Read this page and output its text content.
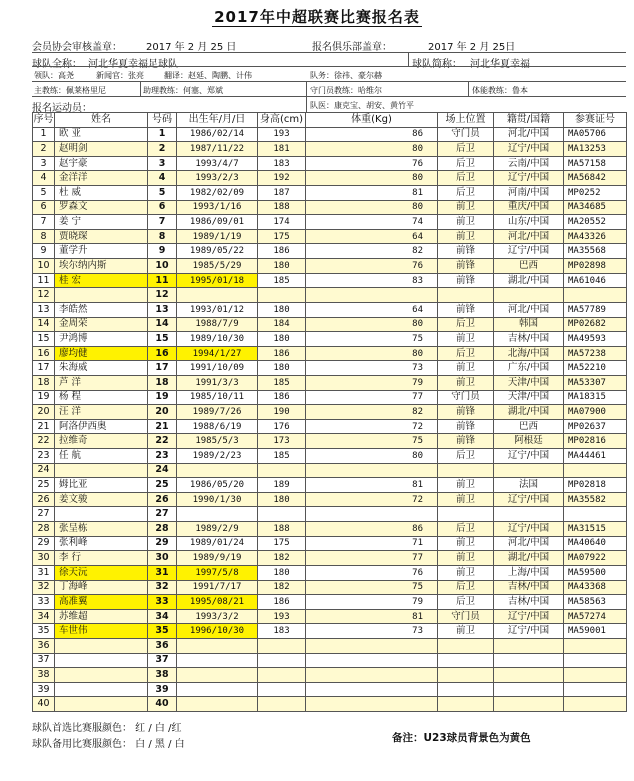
2017年中超联赛比赛报名表
会员协会审核盖章： 2017 年 2 月 25 日	报名俱乐部盖章：	2017 年 2 月 25日
球队全称： 河北华夏幸福足球队	球队简称： 河北华夏幸福
领队：高尧	新闻官：张亮	翻译：赵延、陶鹏、计伟	队务：徐祎、豪尔赫
主教练：佩莱格里尼	助理教练：何塞、郑斌	守门员教练：哈维尔	体能教练：鲁本
报名运动员：	队医：康克宝、胡安、黄竹平
序号	姓名	号码	出生年/月/日	身高(cm)	体重(Kg)	场上位置	籍贯/国籍	参赛证号
1	欧 亚	1	1986/02/14	193	86	守门员	河北/中国	MA05706
2	赵明剑	2	1987/11/22	181	80	后卫	辽宁/中国	MA13253
3	赵宇豪	3	1993/4/7	183	76	后卫	云南/中国	MA57158
4	金洋洋	4	1993/2/3	192	80	后卫	辽宁/中国	MA56842
5	杜 威	5	1982/02/09	187	81	后卫	河南/中国	MP0252
6	罗森文	6	1993/1/16	188	80	前卫	重庆/中国	MA34685
7	姜 宁	7	1986/09/01	174	74	前卫	山东/中国	MA20552
8	贾晓琛	8	1989/1/19	175	64	前卫	河北/中国	MA43326
9	董学升	9	1989/05/22	186	82	前锋	辽宁/中国	MA35568
10	埃尔纳内斯	10	1985/5/29	180	76	前锋	巴西	MP02898
11	桂 宏	11	1995/01/18	185	83	前锋	湖北/中国	MA61046
12		12						
13	李皓然	13	1993/01/12	180	64	前锋	河北/中国	MA57789
14	金周荣	14	1988/7/9	184	80	后卫	韩国	MP02682
15	尹鸿博	15	1989/10/30	180	75	前卫	吉林/中国	MA49593
16	廖均健	16	1994/1/27	186	80	后卫	北海/中国	MA57238
17	朱海威	17	1991/10/09	180	73	前卫	广东/中国	MA52210
18	芦 洋	18	1991/3/3	185	79	前卫	天津/中国	MA53307
19	杨 程	19	1985/10/11	186	77	守门员	天津/中国	MA18315
20	汪 洋	20	1989/7/26	190	82	前锋	湖北/中国	MA07900
21	阿洛伊西奥	21	1988/6/19	176	72	前锋	巴西	MP02637
22	拉维奇	22	1985/5/3	173	75	前锋	阿根廷	MP02816
23	任 航	23	1989/2/23	185	80	后卫	辽宁/中国	MA44461
24		24						
25	姆比亚	25	1986/05/20	189	81	前卫	法国	MP02818
26	姜文骏	26	1990/1/30	180	72	前卫	辽宁/中国	MA35582
27		27						
28	张呈栋	28	1989/2/9	188	86	后卫	辽宁/中国	MA31515
29	张利峰	29	1989/01/24	175	71	前卫	河北/中国	MA40640
30	李 行	30	1989/9/19	182	77	前卫	湖北/中国	MA07922
31	徐天沅	31	1997/5/8	180	76	前卫	上海/中国	MA59500
32	丁海峰	32	1991/7/17	182	75	后卫	吉林/中国	MA43368
33	高准翼	33	1995/08/21	186	79	后卫	吉林/中国	MA58563
34	苏维超	34	1993/3/2	193	81	守门员	辽宁/中国	MA57274
35	车世伟	35	1996/10/30	183	73	前卫	辽宁/中国	MA59001
36		36						
37		37						
38		38						
39		39						
40		40						
球队首选比赛服颜色： 红 / 白 /红
球队备用比赛服颜色： 白 / 黑 / 白
备注：U23球员背景色为黄色
